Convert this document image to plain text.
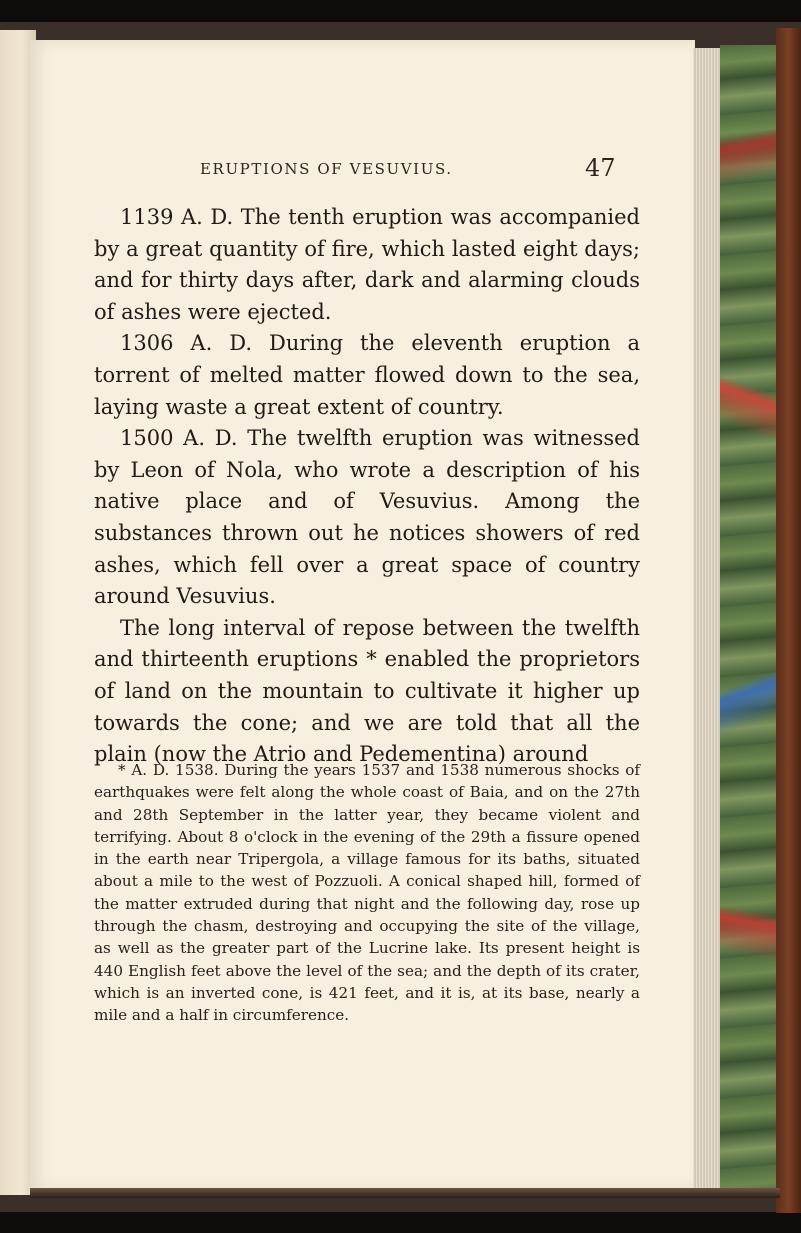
ERUPTIONS OF VESUVIUS.	47

1139 A. D. The tenth eruption was accompanied by a great quantity of fire, which lasted eight days; and for thirty days after, dark and alarming clouds of ashes were ejected.

1306 A. D. During the eleventh eruption a torrent of melted matter flowed down to the sea, laying waste a great extent of country.

1500 A. D. The twelfth eruption was witnessed by Leon of Nola, who wrote a description of his native place and of Vesuvius. Among the substances thrown out he notices showers of red ashes, which fell over a great space of country around Vesuvius.

The long interval of repose between the twelfth and thirteenth eruptions * enabled the proprietors of land on the mountain to cultivate it higher up towards the cone; and we are told that all the plain (now the Atrio and Pedementina) around

* A. D. 1538. During the years 1537 and 1538 numerous shocks of earthquakes were felt along the whole coast of Baia, and on the 27th and 28th September in the latter year, they became violent and terrifying. About 8 o'clock in the evening of the 29th a fissure opened in the earth near Tripergola, a village famous for its baths, situated about a mile to the west of Pozzuoli. A conical shaped hill, formed of the matter extruded during that night and the following day, rose up through the chasm, destroying and occupying the site of the village, as well as the greater part of the Lucrine lake. Its present height is 440 English feet above the level of the sea; and the depth of its crater, which is an inverted cone, is 421 feet, and it is, at its base, nearly a mile and a half in circumference.
